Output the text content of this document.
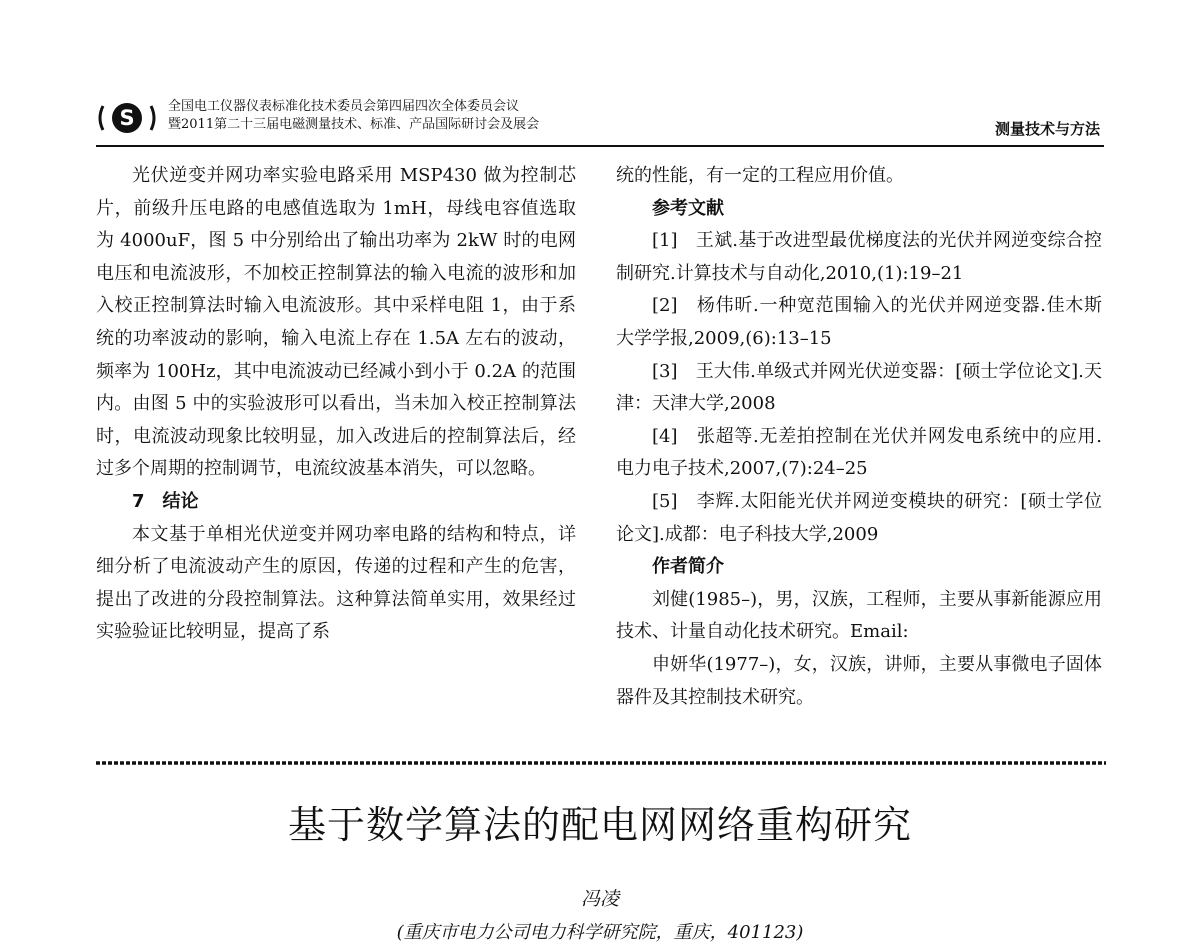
S	全国电工仪器仪表标准化技术委员会第四届四次全体委员会议
暨2011第二十三届电磁测量技术、标准、产品国际研讨会及展会	测量技术与方法

光伏逆变并网功率实验电路采用 MSP430 做为控制芯片，前级升压电路的电感值选取为 1mH，母线电容值选取为 4000uF，图 5 中分别给出了输出功率为 2kW 时的电网电压和电流波形，不加校正控制算法的输入电流的波形和加入校正控制算法时输入电流波形。其中采样电阻 1，由于系统的功率波动的影响，输入电流上存在 1.5A 左右的波动，频率为 100Hz，其中电流波动已经减小到小于 0.2A 的范围内。由图 5 中的实验波形可以看出，当未加入校正控制算法时，电流波动现象比较明显，加入改进后的控制算法后，经过多个周期的控制调节，电流纹波基本消失，可以忽略。

7　结论

本文基于单相光伏逆变并网功率电路的结构和特点，详细分析了电流波动产生的原因，传递的过程和产生的危害，提出了改进的分段控制算法。这种算法简单实用，效果经过实验验证比较明显，提高了系

统的性能，有一定的工程应用价值。

参考文献

[1]　王斌.基于改进型最优梯度法的光伏并网逆变综合控制研究.计算技术与自动化,2010,(1):19–21

[2]　杨伟昕.一种宽范围输入的光伏并网逆变器.佳木斯大学学报,2009,(6):13–15

[3]　王大伟.单级式并网光伏逆变器：[硕士学位论文].天津：天津大学,2008

[4]　张超等.无差拍控制在光伏并网发电系统中的应用.电力电子技术,2007,(7):24–25

[5]　李辉.太阳能光伏并网逆变模块的研究：[硕士学位论文].成都：电子科技大学,2009

作者简介

刘健(1985–)，男，汉族，工程师，主要从事新能源应用技术、计量自动化技术研究。Email:

申妍华(1977–)，女，汉族，讲师，主要从事微电子固体器件及其控制技术研究。

基于数学算法的配电网网络重构研究
冯凌
(重庆市电力公司电力科学研究院，重庆，401123)
